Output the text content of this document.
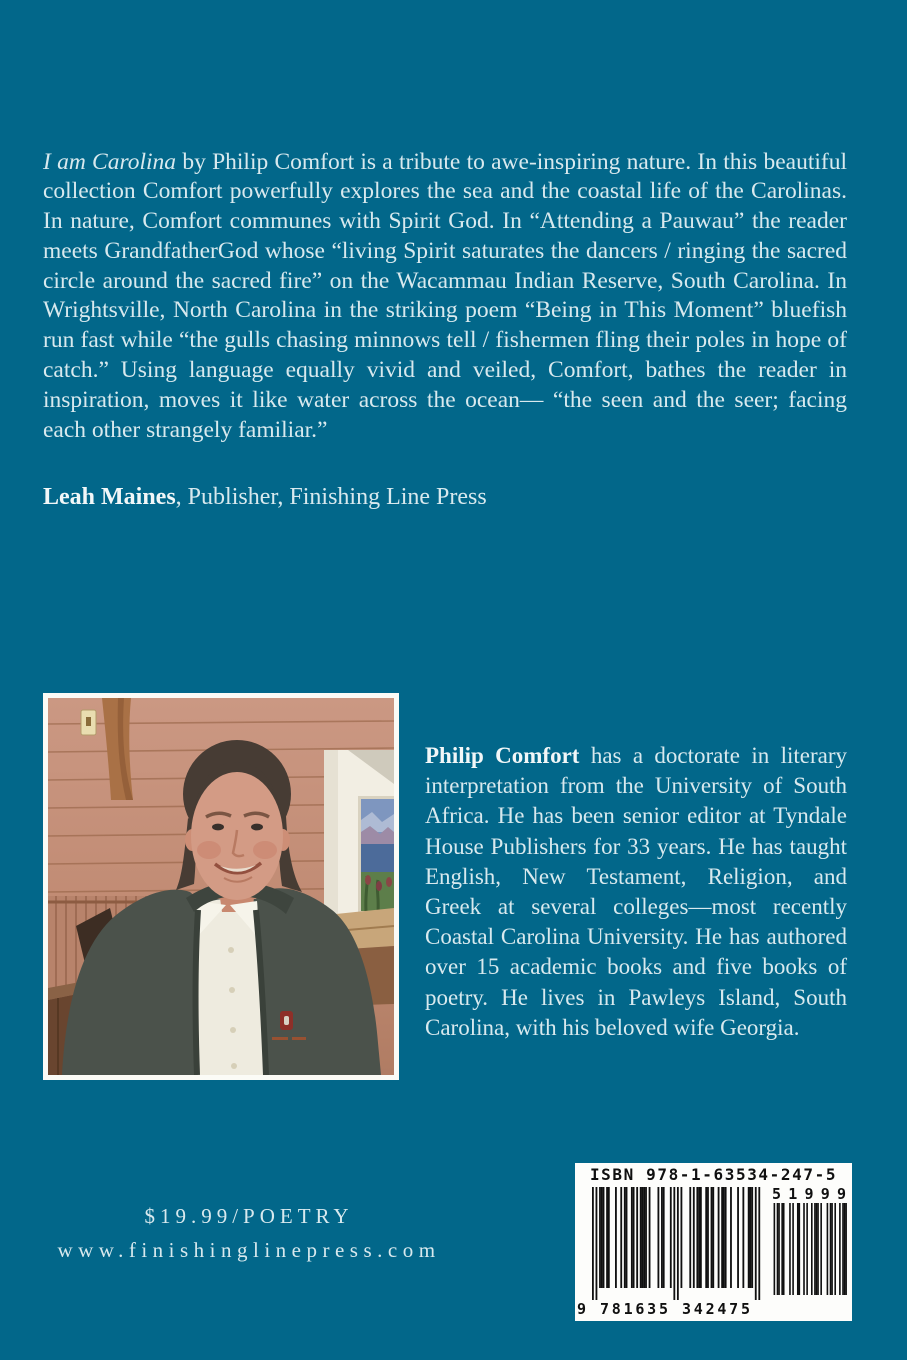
I am Carolina by Philip Comfort is a tribute to awe-inspiring nature. In this beautiful collection Comfort powerfully explores the sea and the coastal life of the Carolinas. In nature, Comfort communes with Spirit God. In “Attending a Pauwau” the reader meets GrandfatherGod whose “living Spirit saturates the dancers / ringing the sacred circle around the sacred fire” on the Wacammau Indian Reserve, South Carolina. In Wrightsville, North Carolina in the striking poem “Being in This Moment” bluefish run fast while “the gulls chasing minnows tell / fishermen fling their poles in hope of catch.” Using language equally vivid and veiled, Comfort, bathes the reader in inspiration, moves it like water across the ocean— “the seen and the seer; facing each other strangely familiar.”

Leah Maines, Publisher, Finishing Line Press

Philip Comfort has a doctorate in literary interpretation from the University of South Africa. He has been senior editor at Tyndale House Publishers for 33 years. He has taught English, New Testament, Religion, and Greek at several colleges—most recently Coastal Carolina University. He has authored over 15 academic books and five books of poetry. He lives in Pawleys Island, South Carolina, with his beloved wife Georgia.

$19.99/POETRY
www.finishinglinepress.com
ISBN 978-1-63534-247-5
9 781635 342475
51999
